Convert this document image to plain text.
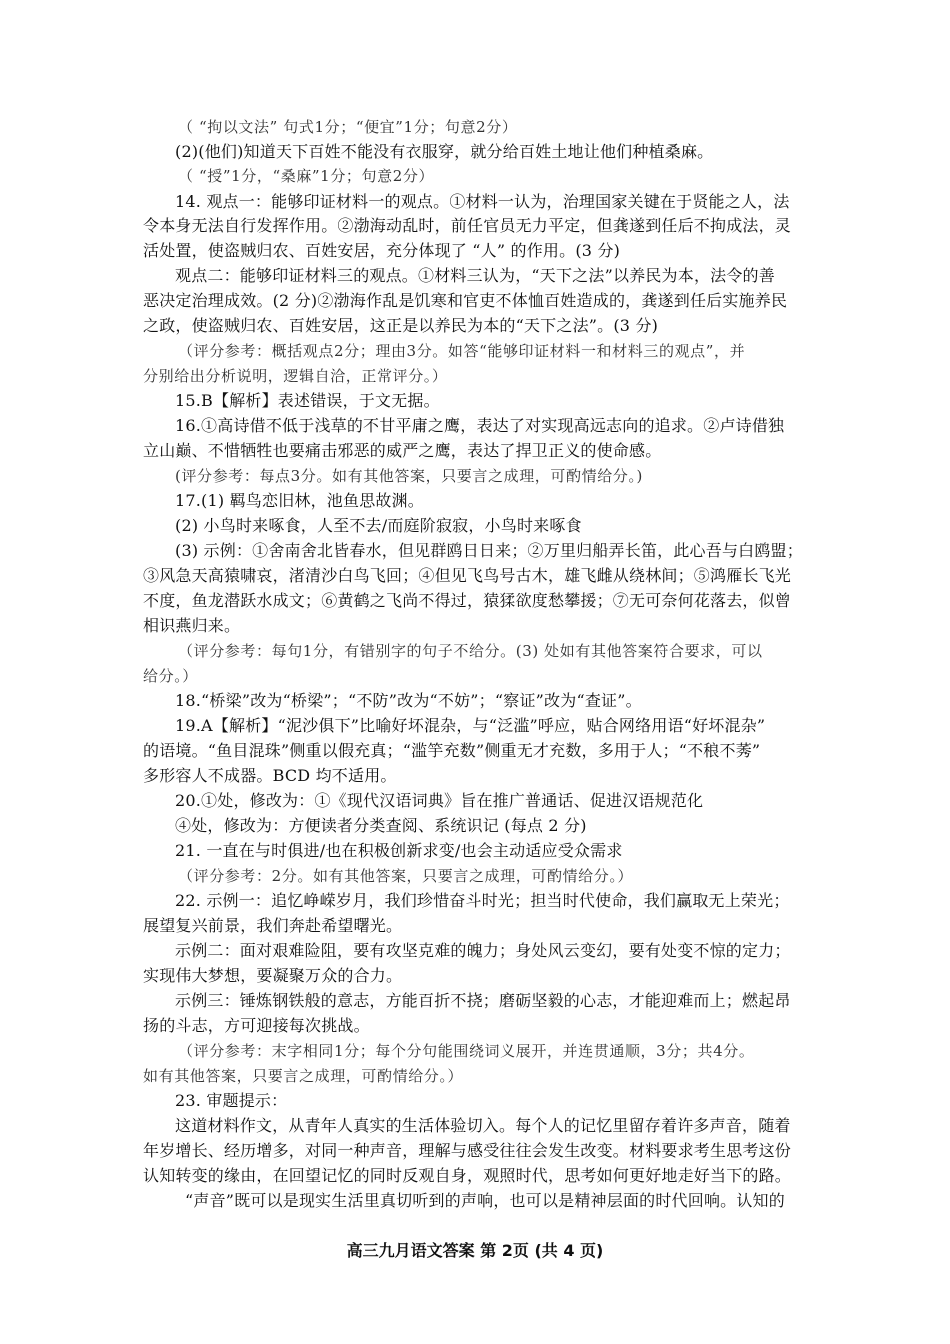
（ “拘以文法” 句式1分；“便宜”1分；句意2分）
(2)(他们)知道天下百姓不能没有衣服穿，就分给百姓土地让他们种植桑麻。
（ “授”1分，“桑麻”1分；句意2分）
14. 观点一：能够印证材料一的观点。①材料一认为，治理国家关键在于贤能之人，法
令本身无法自行发挥作用。②渤海动乱时，前任官员无力平定，但龚遂到任后不拘成法，灵
活处置，使盗贼归农、百姓安居，充分体现了 “人” 的作用。(3 分)
观点二：能够印证材料三的观点。①材料三认为，“天下之法”以养民为本，法令的善
恶决定治理成效。(2 分)②渤海作乱是饥寒和官吏不体恤百姓造成的，龚遂到任后实施养民
之政，使盗贼归农、百姓安居，这正是以养民为本的“天下之法”。(3 分)
（评分参考：概括观点2分；理由3分。如答“能够印证材料一和材料三的观点”，并
分别给出分析说明，逻辑自洽，正常评分。）
15.B【解析】表述错误，于文无据。
16.①高诗借不低于浅草的不甘平庸之鹰，表达了对实现高远志向的追求。②卢诗借独
立山巅、不惜牺牲也要痛击邪恶的威严之鹰，表达了捍卫正义的使命感。
(评分参考：每点3分。如有其他答案，只要言之成理，可酌情给分。)
17.(1) 羁鸟恋旧林，池鱼思故渊。
(2) 小鸟时来啄食，人至不去/而庭阶寂寂，小鸟时来啄食
(3) 示例：①舍南舍北皆春水，但见群鸥日日来；②万里归船弄长笛，此心吾与白鸥盟；
③风急天高猿啸哀，渚清沙白鸟飞回；④但见飞鸟号古木，雄飞雌从绕林间；⑤鸿雁长飞光
不度，鱼龙潜跃水成文；⑥黄鹤之飞尚不得过，猿猱欲度愁攀援；⑦无可奈何花落去，似曾
相识燕归来。
（评分参考：每句1分，有错别字的句子不给分。(3) 处如有其他答案符合要求，可以
给分。）
18.“桥梁”改为“桥梁”；“不防”改为“不妨”；“察证”改为“查证”。
19.A【解析】“泥沙俱下”比喻好坏混杂，与“泛滥”呼应，贴合网络用语“好坏混杂”
的语境。“鱼目混珠”侧重以假充真；“滥竽充数”侧重无才充数，多用于人；“不稂不莠”
多形容人不成器。BCD 均不适用。
20.①处，修改为：①《现代汉语词典》旨在推广普通话、促进汉语规范化
④处，修改为：方便读者分类查阅、系统识记 (每点 2 分)
21. 一直在与时俱进/也在积极创新求变/也会主动适应受众需求
（评分参考：2分。如有其他答案，只要言之成理，可酌情给分。）
22. 示例一：追忆峥嵘岁月，我们珍惜奋斗时光；担当时代使命，我们赢取无上荣光；
展望复兴前景，我们奔赴希望曙光。
示例二：面对艰难险阻，要有攻坚克难的魄力；身处风云变幻，要有处变不惊的定力；
实现伟大梦想，要凝聚万众的合力。
示例三：锤炼钢铁般的意志，方能百折不挠；磨砺坚毅的心志，才能迎难而上；燃起昂
扬的斗志，方可迎接每次挑战。
（评分参考：末字相同1分；每个分句能围绕词义展开，并连贯通顺，3分；共4分。
如有其他答案，只要言之成理，可酌情给分。）
23. 审题提示：
这道材料作文，从青年人真实的生活体验切入。每个人的记忆里留存着许多声音，随着
年岁增长、经历增多，对同一种声音，理解与感受往往会发生改变。材料要求考生思考这份
认知转变的缘由，在回望记忆的同时反观自身，观照时代，思考如何更好地走好当下的路。
“声音”既可以是现实生活里真切听到的声响，也可以是精神层面的时代回响。认知的
高三九月语文答案 第 2页 (共 4 页)
